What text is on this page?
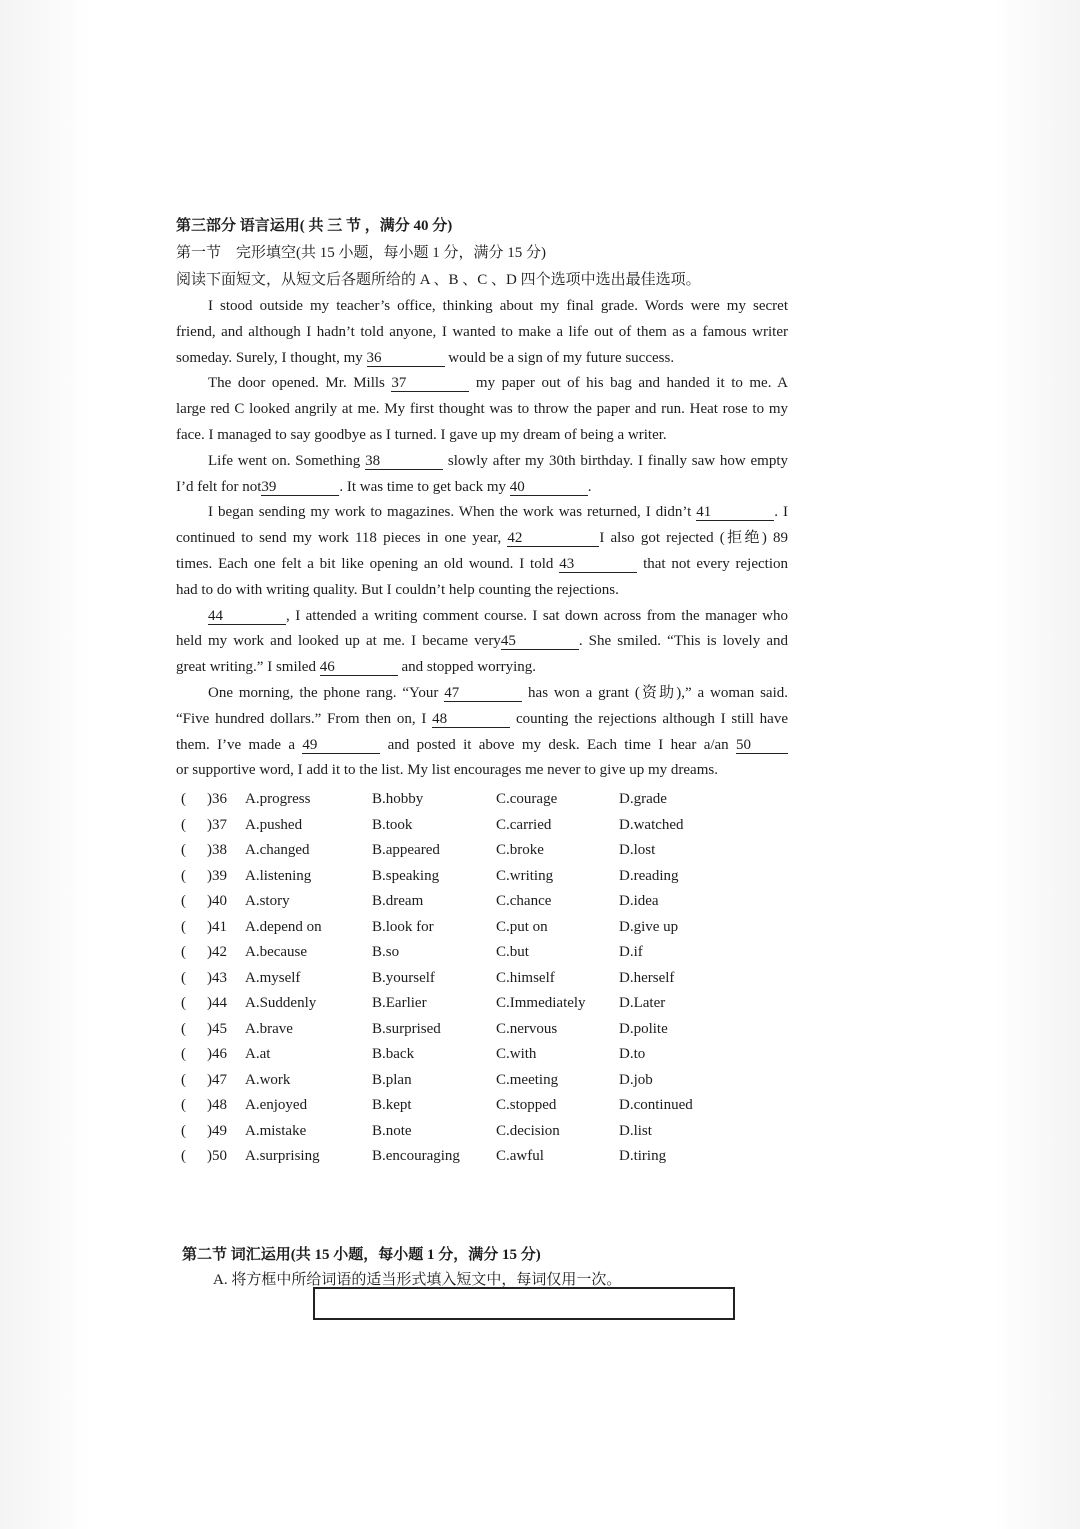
第三部分 语言运用( 共 三 节 ，满分 40 分)
第一节　完形填空(共 15 小题，每小题 1 分，满分 15 分)
阅读下面短文，从短文后各题所给的 A 、B 、C 、D 四个选项中选出最佳选项。
I stood outside my teacher’s office, thinking about my final grade. Words were my secret
friend, and although I hadn’t told anyone, I wanted to make a life out of them as a famous writer
someday. Surely, I thought, my 36	would be a sign of my future success.
The door opened. Mr. Mills 37	my paper out of his bag and handed it to me. A
large red C looked angrily at me. My first thought was to throw the paper and run. Heat rose to my
face. I managed to say goodbye as I turned. I gave up my dream of being a writer.
Life went on. Something 38	slowly after my 30th birthday. I finally saw how empty
I’d felt for not39	. It was time to get back my 40	.
I began sending my work to magazines. When the work was returned, I didn’t 41	. I
continued to send my work 118 pieces in one year, 42	I also got rejected (拒绝) 89
times. Each one felt a bit like opening an old wound. I told 43	that not every rejection
had to do with writing quality. But I couldn’t help counting the rejections.
44	, I attended a writing comment course. I sat down across from the manager who
held my work and looked up at me. I became very45	. She smiled. “This is lovely and
great writing.” I smiled 46	and stopped worrying.
One morning, the phone rang. “Your 47	has won a grant (资助),” a woman said.
“Five hundred dollars.” From then on, I 48	counting the rejections although I still have
them. I’ve made a 49	and posted it above my desk. Each time I hear a/an 50
or supportive word, I add it to the list. My list encourages me never to give up my dreams.
( )36 A.progress	B.hobby	C.courage	D.grade
( )37 A.pushed	B.took	C.carried	D.watched
( )38 A.changed	B.appeared	C.broke	D.lost
( )39 A.listening	B.speaking	C.writing	D.reading
( )40 A.story	B.dream	C.chance	D.idea
( )41 A.depend on	B.look for	C.put on	D.give up
( )42 A.because	B.so	C.but	D.if
( )43 A.myself	B.yourself	C.himself	D.herself
( )44 A.Suddenly	B.Earlier	C.Immediately D.Later
( )45 A.brave	B.surprised	C.nervous	D.polite
( )46 A.at	B.back	C.with	D.to
( )47 A.work	B.plan	C.meeting	D.job
( )48 A.enjoyed	B.kept	C.stopped	D.continued
( )49 A.mistake	B.note	C.decision	D.list
( )50 A.surprising	B.encouraging C.awful	D.tiring
第二节 词汇运用(共 15 小题，每小题 1 分，满分 15 分)
A. 将方框中所给词语的适当形式填入短文中，每词仅用一次。
